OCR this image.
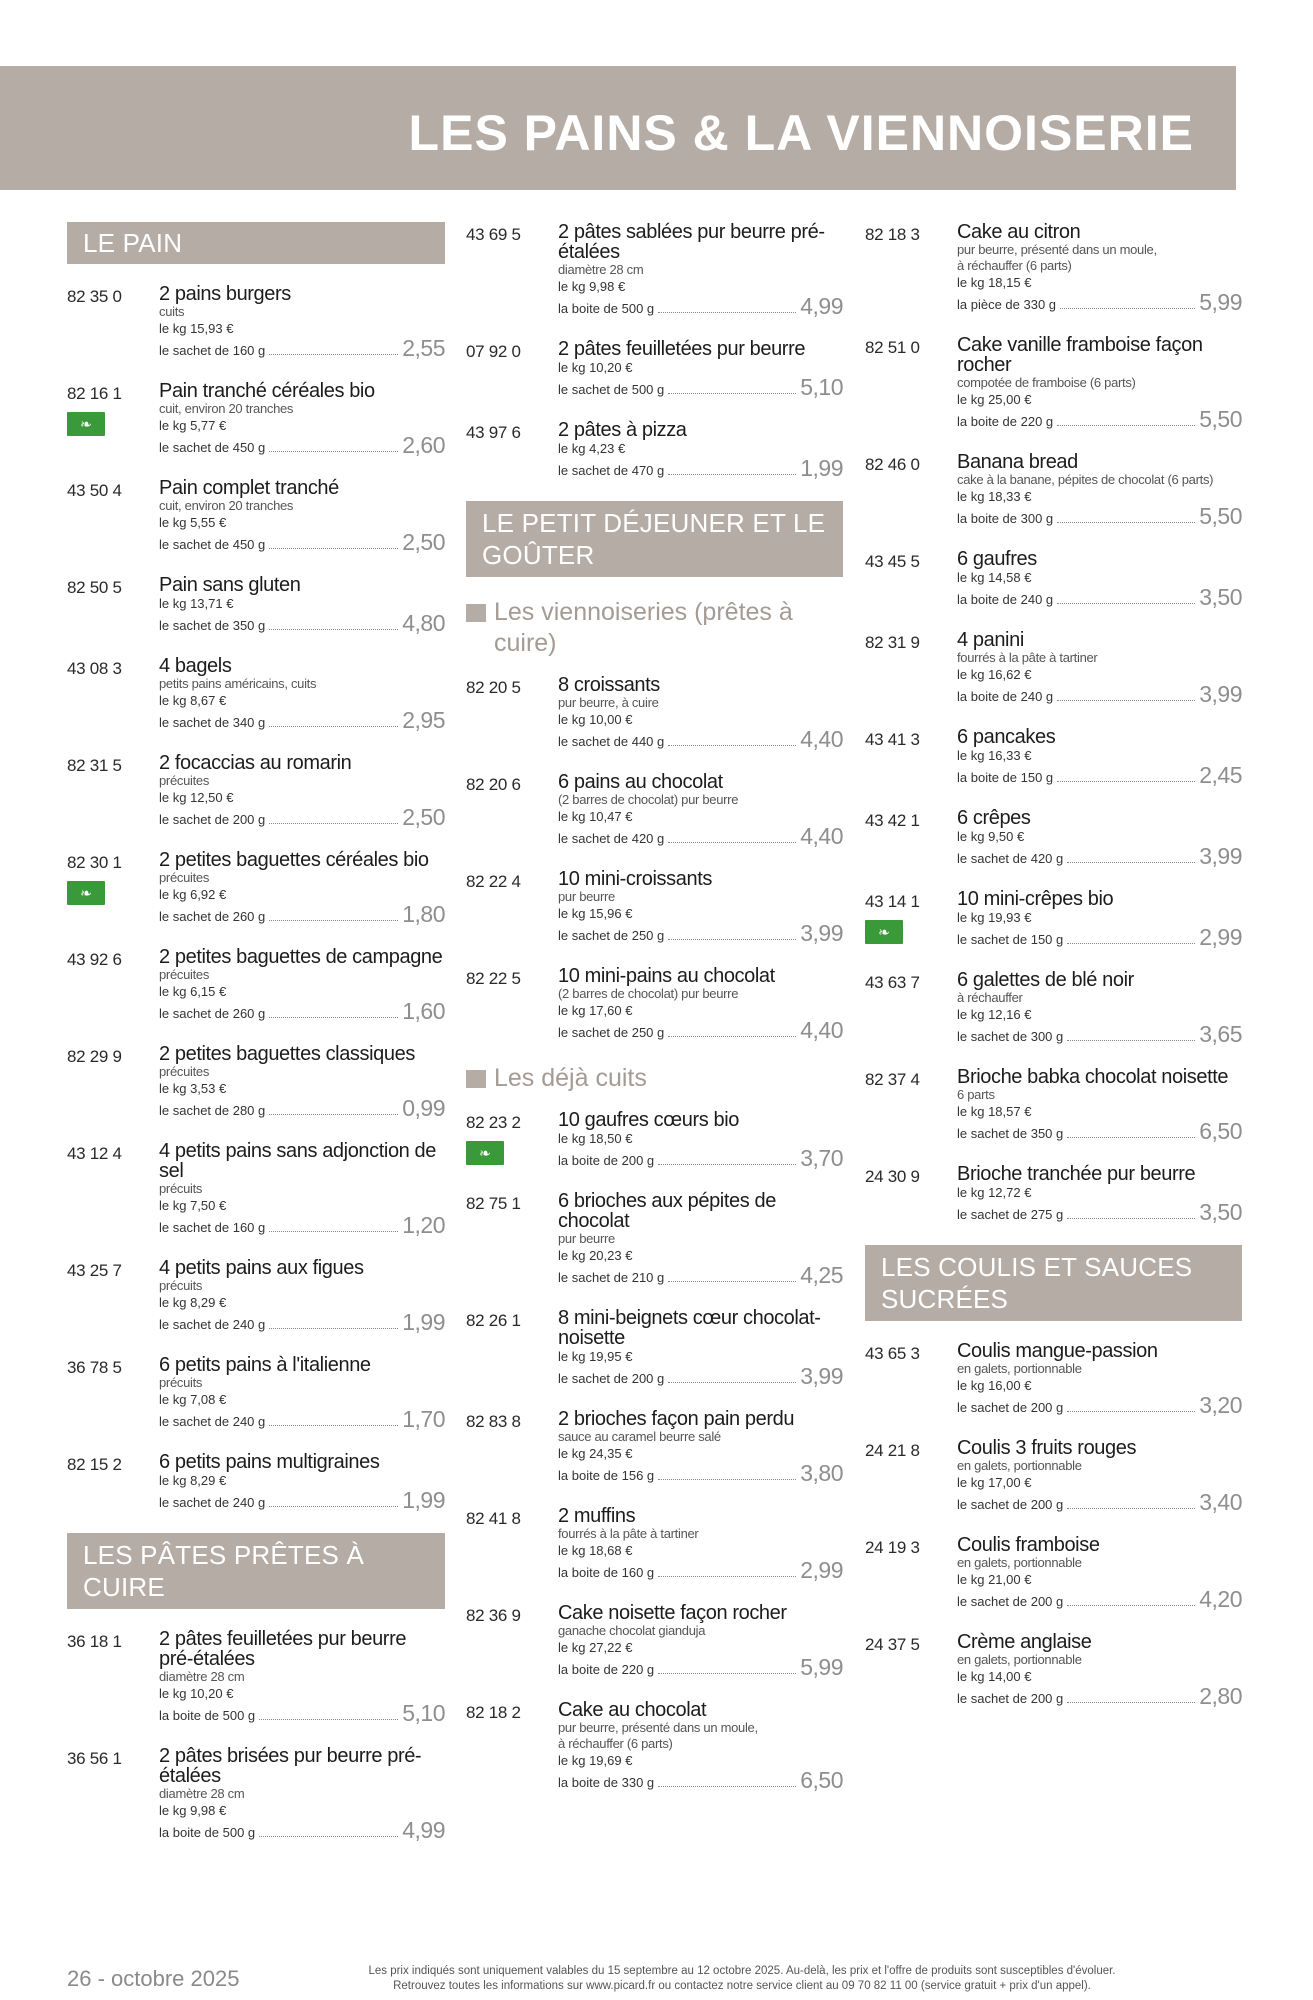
LES PAINS & LA VIENNOISERIE
LE PAIN
82 35 0	2 pains burgers
cuits
le kg 15,93 €
le sachet de 160 g	2,55
82 16 1
❧
Pain tranché céréales bio
cuit, environ 20 tranches
le kg 5,77 €
le sachet de 450 g	2,60
43 50 4	Pain complet tranché
cuit, environ 20 tranches
le kg 5,55 €
le sachet de 450 g	2,50
82 50 5	Pain sans gluten
le kg 13,71 €
le sachet de 350 g	4,80
43 08 3	4 bagels
petits pains américains, cuits
le kg 8,67 €
le sachet de 340 g	2,95
82 31 5	2 focaccias au romarin
précuites
le kg 12,50 €
le sachet de 200 g	2,50
82 30 1
❧
2 petites baguettes céréales bio
précuites
le kg 6,92 €
le sachet de 260 g	1,80
43 92 6	2 petites baguettes de campagne
précuites
le kg 6,15 €
le sachet de 260 g	1,60
82 29 9	2 petites baguettes classiques
précuites
le kg 3,53 €
le sachet de 280 g	0,99
43 12 4	4 petits pains sans adjonction de sel
précuits
le kg 7,50 €
le sachet de 160 g	1,20
43 25 7	4 petits pains aux figues
précuits
le kg 8,29 €
le sachet de 240 g	1,99
36 78 5	6 petits pains à l'italienne
précuits
le kg 7,08 €
le sachet de 240 g	1,70
82 15 2	6 petits pains multigraines
le kg 8,29 €
le sachet de 240 g	1,99
LES PÂTES PRÊTES À CUIRE
36 18 1	2 pâtes feuilletées pur beurre pré-étalées
diamètre 28 cm
le kg 10,20 €
la boite de 500 g	5,10
36 56 1	2 pâtes brisées pur beurre pré-étalées
diamètre 28 cm
le kg 9,98 €
la boite de 500 g	4,99
43 69 5	2 pâtes sablées pur beurre pré-étalées
diamètre 28 cm
le kg 9,98 €
la boite de 500 g	4,99
07 92 0	2 pâtes feuilletées pur beurre
le kg 10,20 €
le sachet de 500 g	5,10
43 97 6	2 pâtes à pizza
le kg 4,23 €
le sachet de 470 g	1,99
LE PETIT DÉJEUNER ET LE GOÛTER
Les viennoiseries (prêtes à cuire)
82 20 5	8 croissants
pur beurre, à cuire
le kg 10,00 €
le sachet de 440 g	4,40
82 20 6	6 pains au chocolat
(2 barres de chocolat) pur beurre
le kg 10,47 €
le sachet de 420 g	4,40
82 22 4	10 mini-croissants
pur beurre
le kg 15,96 €
le sachet de 250 g	3,99
82 22 5	10 mini-pains au chocolat
(2 barres de chocolat) pur beurre
le kg 17,60 €
le sachet de 250 g	4,40
Les déjà cuits
82 23 2
❧
10 gaufres cœurs bio
le kg 18,50 €
la boite de 200 g	3,70
82 75 1	6 brioches aux pépites de chocolat
pur beurre
le kg 20,23 €
le sachet de 210 g	4,25
82 26 1	8 mini-beignets cœur chocolat-noisette
le kg 19,95 €
le sachet de 200 g	3,99
82 83 8	2 brioches façon pain perdu
sauce au caramel beurre salé
le kg 24,35 €
la boite de 156 g	3,80
82 41 8	2 muffins
fourrés à la pâte à tartiner
le kg 18,68 €
la boite de 160 g	2,99
82 36 9	Cake noisette façon rocher
ganache chocolat gianduja
le kg 27,22 €
la boite de 220 g	5,99
82 18 2	Cake au chocolat
pur beurre, présenté dans un moule,
à réchauffer (6 parts)
le kg 19,69 €
la boite de 330 g	6,50
82 18 3	Cake au citron
pur beurre, présenté dans un moule,
à réchauffer (6 parts)
le kg 18,15 €
la pièce de 330 g	5,99
82 51 0	Cake vanille framboise façon rocher
compotée de framboise (6 parts)
le kg 25,00 €
la boite de 220 g	5,50
82 46 0	Banana bread
cake à la banane, pépites de chocolat (6 parts)
le kg 18,33 €
la boite de 300 g	5,50
43 45 5	6 gaufres
le kg 14,58 €
la boite de 240 g	3,50
82 31 9	4 panini
fourrés à la pâte à tartiner
le kg 16,62 €
la boite de 240 g	3,99
43 41 3	6 pancakes
le kg 16,33 €
la boite de 150 g	2,45
43 42 1	6 crêpes
le kg 9,50 €
le sachet de 420 g	3,99
43 14 1
❧
10 mini-crêpes bio
le kg 19,93 €
le sachet de 150 g	2,99
43 63 7	6 galettes de blé noir
à réchauffer
le kg 12,16 €
le sachet de 300 g	3,65
82 37 4	Brioche babka chocolat noisette
6 parts
le kg 18,57 €
le sachet de 350 g	6,50
24 30 9	Brioche tranchée pur beurre
le kg 12,72 €
le sachet de 275 g	3,50
LES COULIS ET SAUCES SUCRÉES
43 65 3	Coulis mangue-passion
en galets, portionnable
le kg 16,00 €
le sachet de 200 g	3,20
24 21 8	Coulis 3 fruits rouges
en galets, portionnable
le kg 17,00 €
le sachet de 200 g	3,40
24 19 3	Coulis framboise
en galets, portionnable
le kg 21,00 €
le sachet de 200 g	4,20
24 37 5	Crème anglaise
en galets, portionnable
le kg 14,00 €
le sachet de 200 g	2,80
26 - octobre 2025	Les prix indiqués sont uniquement valables du 15 septembre au 12 octobre 2025. Au-delà, les prix et l'offre de produits sont susceptibles d'évoluer.
Retrouvez toutes les informations sur www.picard.fr ou contactez notre service client au 09 70 82 11 00 (service gratuit + prix d'un appel).
